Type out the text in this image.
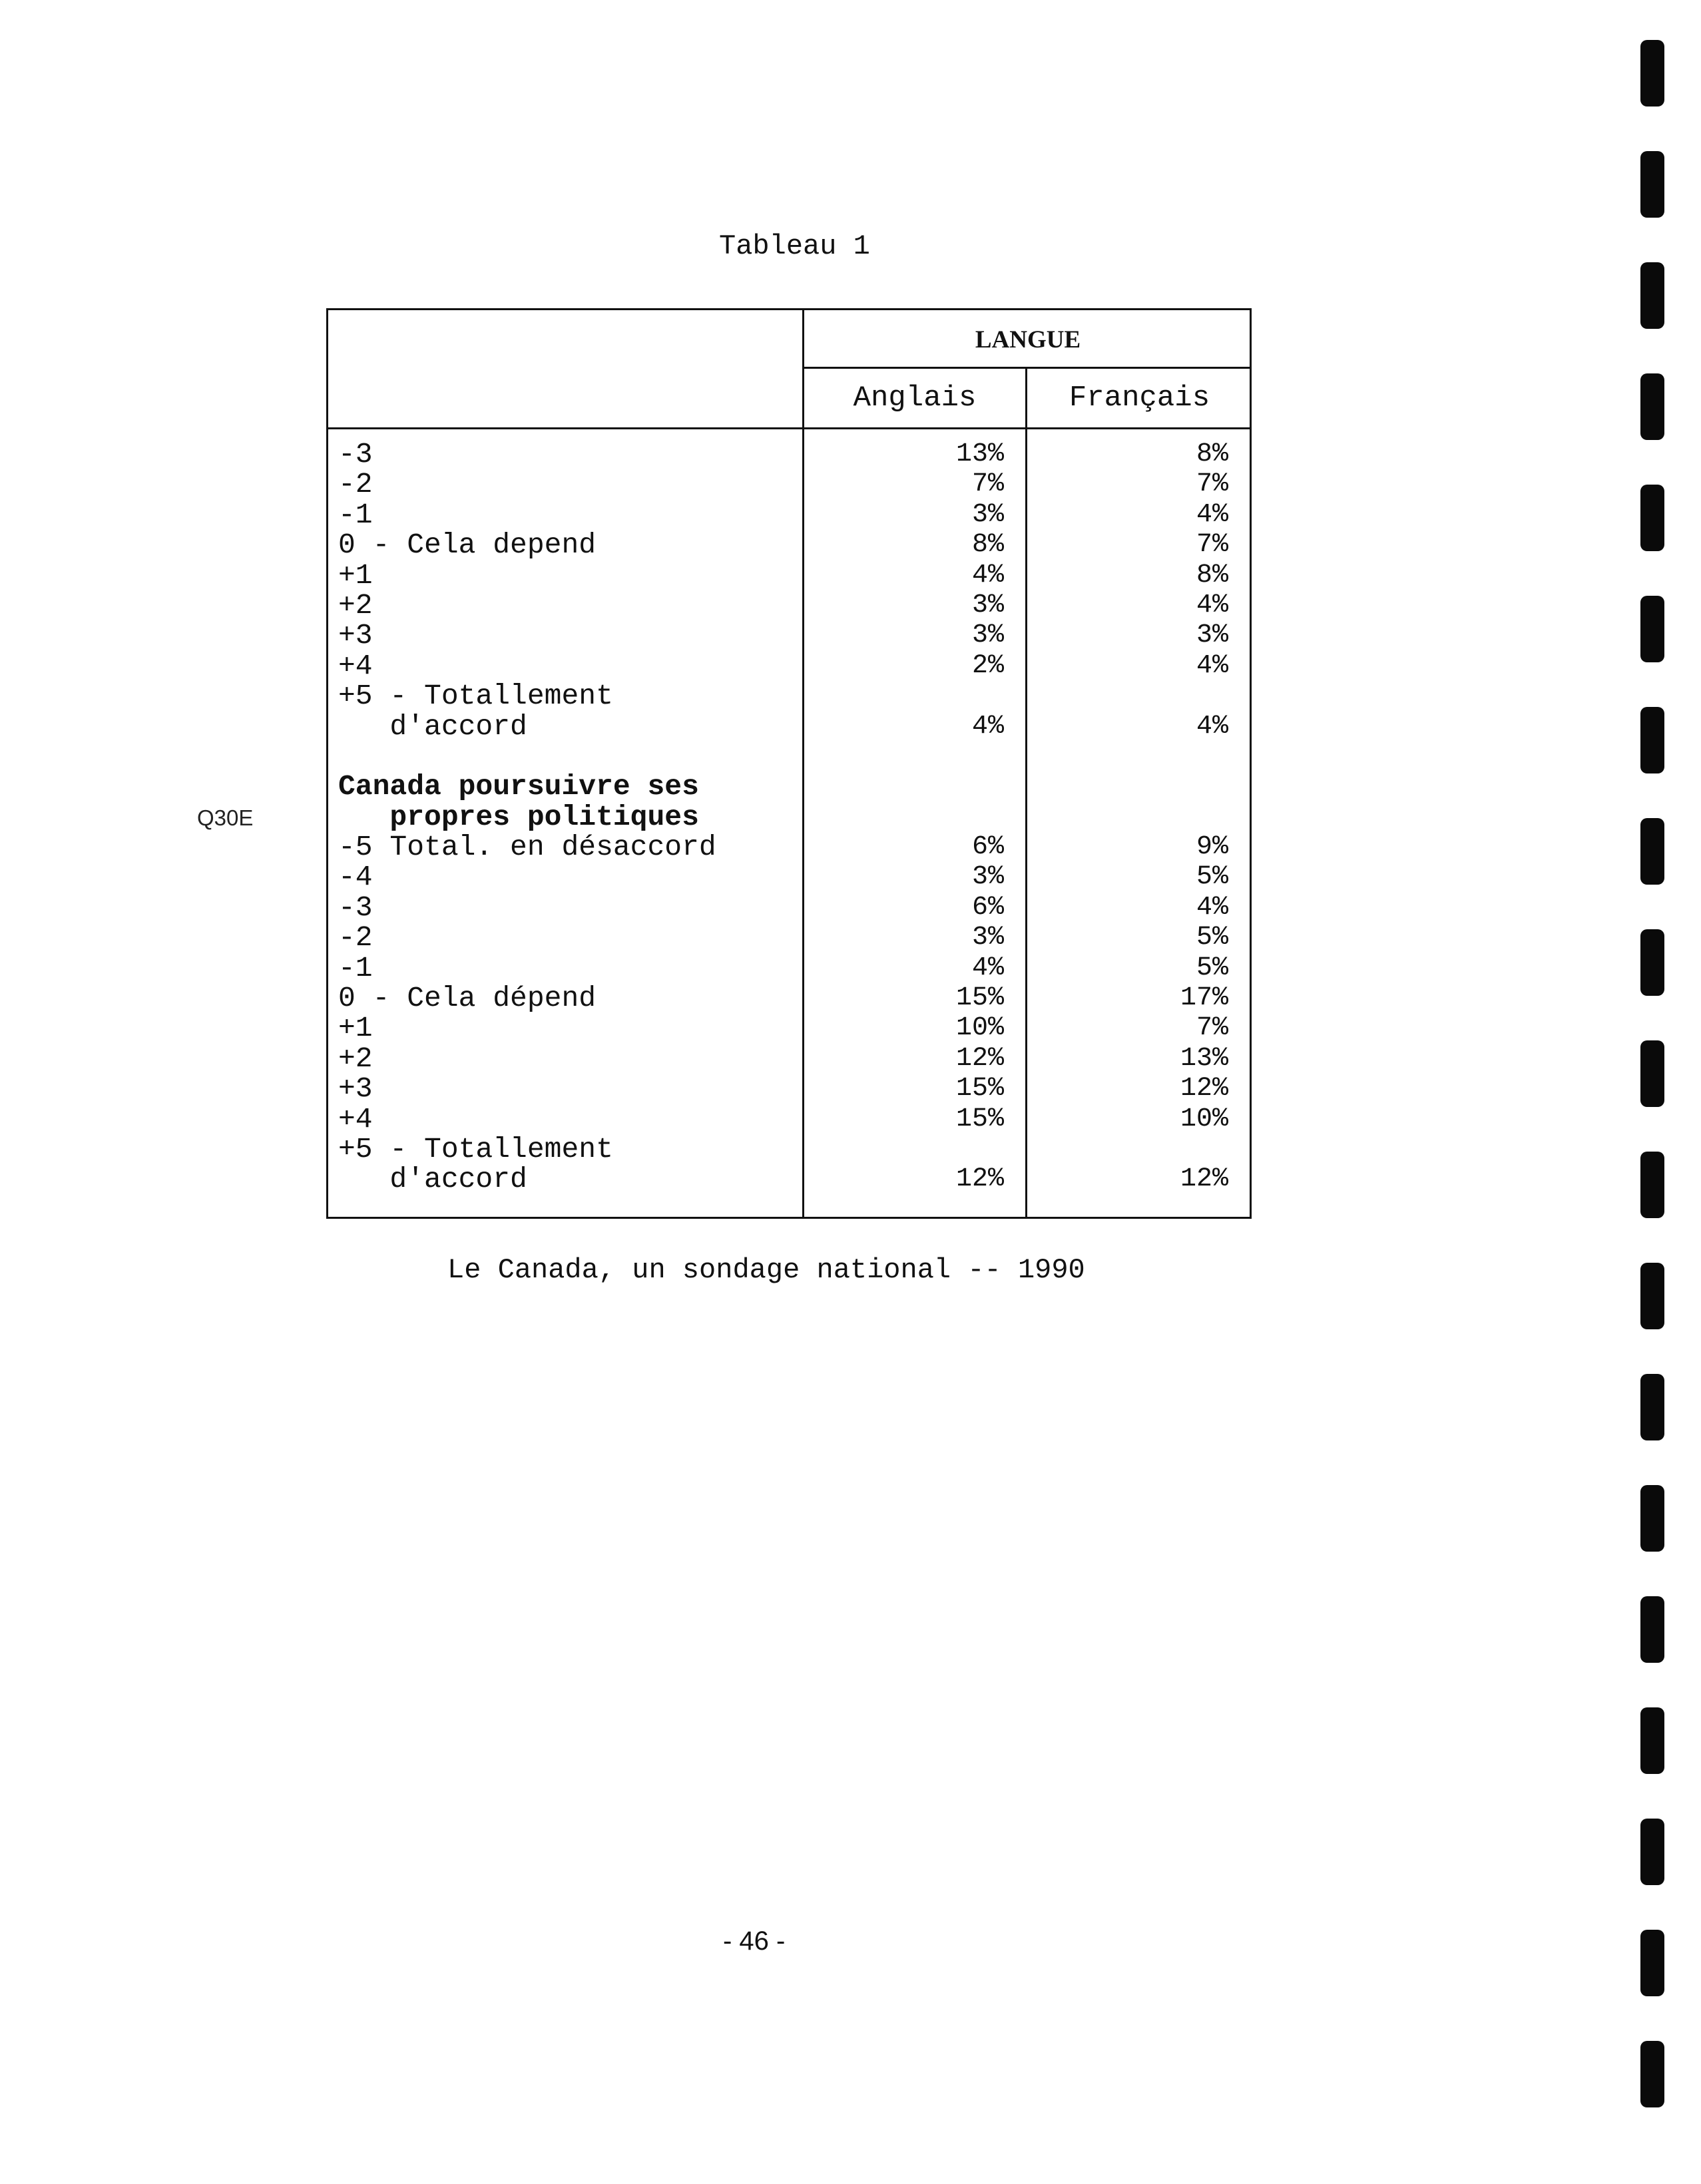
Tableau 1
Q30E
LANGUE
Anglais	Français
-3	13%	8%
-2	7%	7%
-1	3%	4%
0 - Cela depend	8%	7%
+1	4%	8%
+2	3%	4%
+3	3%	3%
+4	2%	4%
+5 - Totallement
d'accord	4%	4%
Canada poursuivre ses
propres politiques
-5 Total. en désaccord	6%	9%
-4	3%	5%
-3	6%	4%
-2	3%	5%
-1	4%	5%
0 - Cela dépend	15%	17%
+1	10%	7%
+2	12%	13%
+3	15%	12%
+4	15%	10%
+5 - Totallement
d'accord	12%	12%
Le Canada, un sondage national -- 1990
- 46 -
